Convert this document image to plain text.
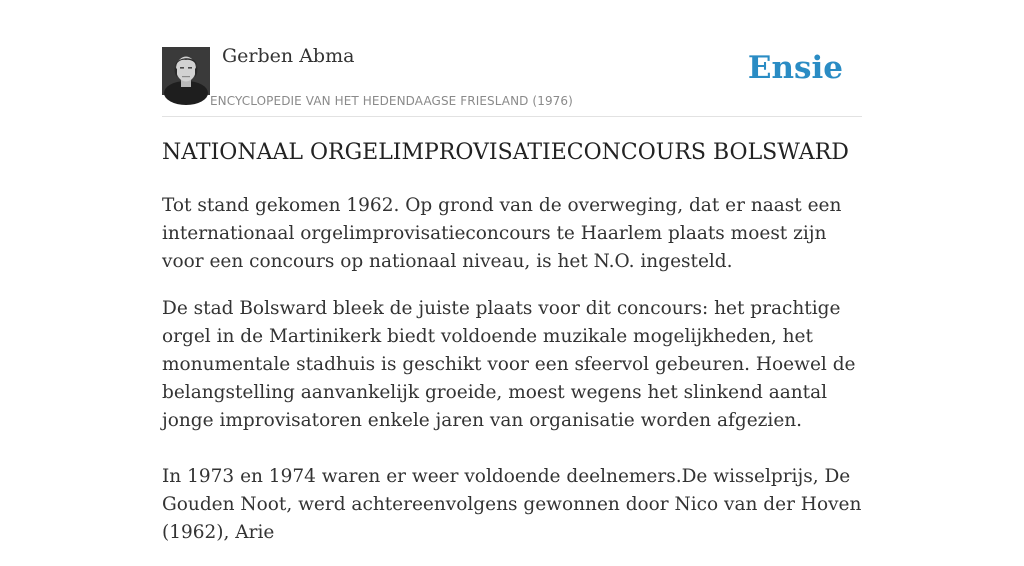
Gerben Abma
ENCYCLOPEDIE VAN HET HEDENDAAGSE FRIESLAND (1976)
Ensie
NATIONAAL ORGELIMPROVISATIECONCOURS BOLSWARD

Tot stand gekomen 1962. Op grond van de overweging, dat er naast een internationaal orgelimprovisatieconcours te Haarlem plaats moest zijn voor een concours op nationaal niveau, is het N.O. ingesteld.

De stad Bolsward bleek de juiste plaats voor dit concours: het prachtige orgel in de Martinikerk biedt voldoende muzikale mogelijkheden, het monumentale stadhuis is geschikt voor een sfeervol gebeuren. Hoewel de belangstelling aanvankelijk groeide, moest wegens het slinkend aantal jonge improvisatoren enkele jaren van organisatie worden afgezien.

In 1973 en 1974 waren er weer voldoende deelnemers.De wisselprijs, De Gouden Noot, werd achtereenvolgens gewonnen door Nico van der Hoven (1962), Arie
